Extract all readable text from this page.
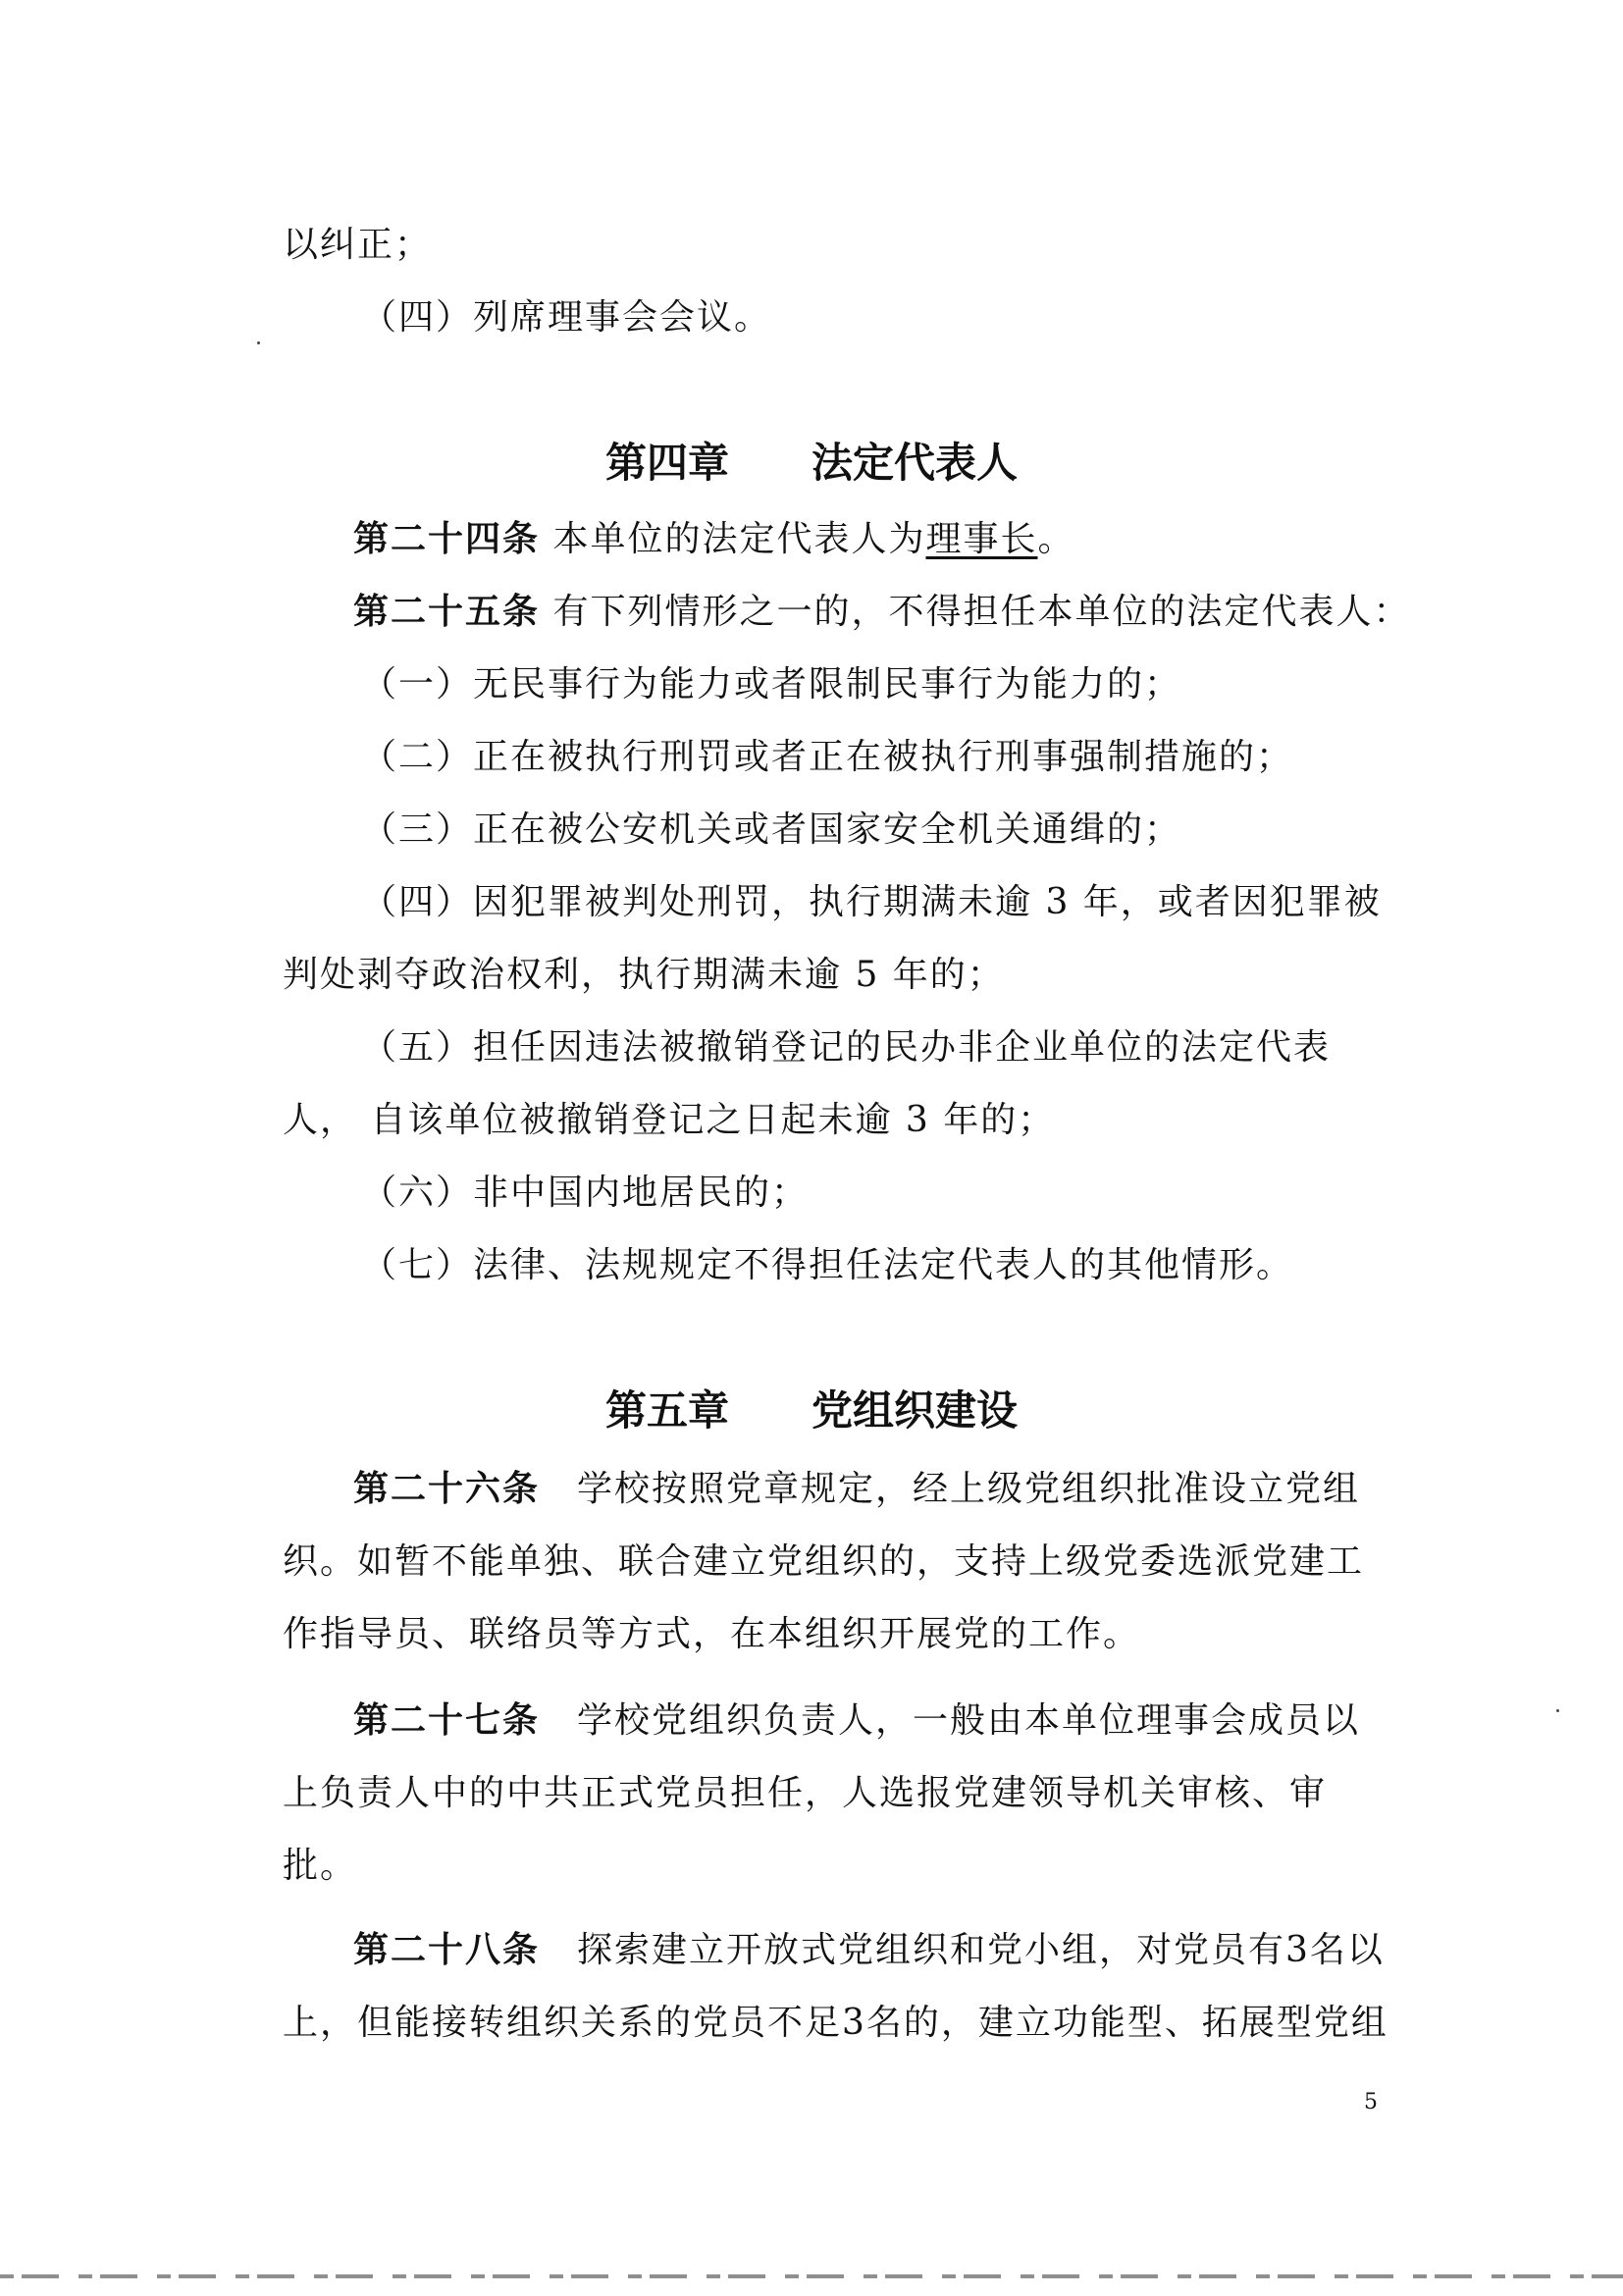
以纠正；
（四）列席理事会会议。
第四章　　法定代表人
第二十四条 本单位的法定代表人为理事长。
第二十五条 有下列情形之一的，不得担任本单位的法定代表人：
（一）无民事行为能力或者限制民事行为能力的；
（二）正在被执行刑罚或者正在被执行刑事强制措施的；
（三）正在被公安机关或者国家安全机关通缉的；
（四）因犯罪被判处刑罚，执行期满未逾 3 年，或者因犯罪被
判处剥夺政治权利，执行期满未逾 5 年的；
（五）担任因违法被撤销登记的民办非企业单位的法定代表
人， 自该单位被撤销登记之日起未逾 3 年的；
（六）非中国内地居民的；
（七）法律、法规规定不得担任法定代表人的其他情形。
第五章　　党组织建设
第二十六条　学校按照党章规定，经上级党组织批准设立党组
织。如暂不能单独、联合建立党组织的，支持上级党委选派党建工
作指导员、联络员等方式，在本组织开展党的工作。
第二十七条　学校党组织负责人，一般由本单位理事会成员以
上负责人中的中共正式党员担任，人选报党建领导机关审核、审
批。
第二十八条　探索建立开放式党组织和党小组，对党员有3名以
上，但能接转组织关系的党员不足3名的，建立功能型、拓展型党组
5
